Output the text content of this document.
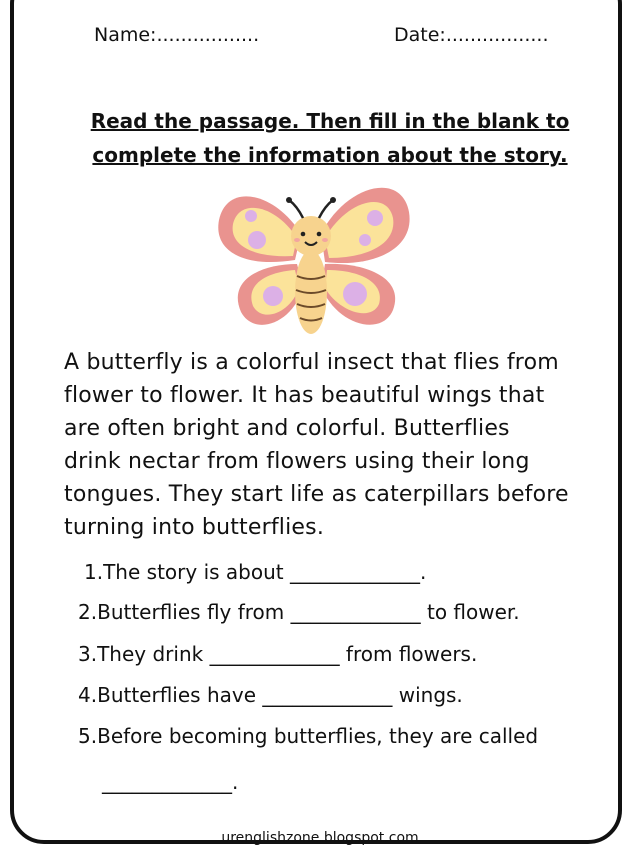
Name:.................	Date:.................
Read the passage. Then fill in the blank to
complete the information about the story.
A butterfly is a colorful insect that flies from
flower to flower. It has beautiful wings that
are often bright and colorful. Butterflies
drink nectar from flowers using their long
tongues. They start life as caterpillars before
turning into butterflies.
1.The story is about _____________.
2.Butterflies fly from _____________ to flower.
3.They drink _____________ from flowers.
4.Butterflies have _____________ wings.
5.Before becoming butterflies, they are called
_____________.
urenglishzone.blogspot.com
